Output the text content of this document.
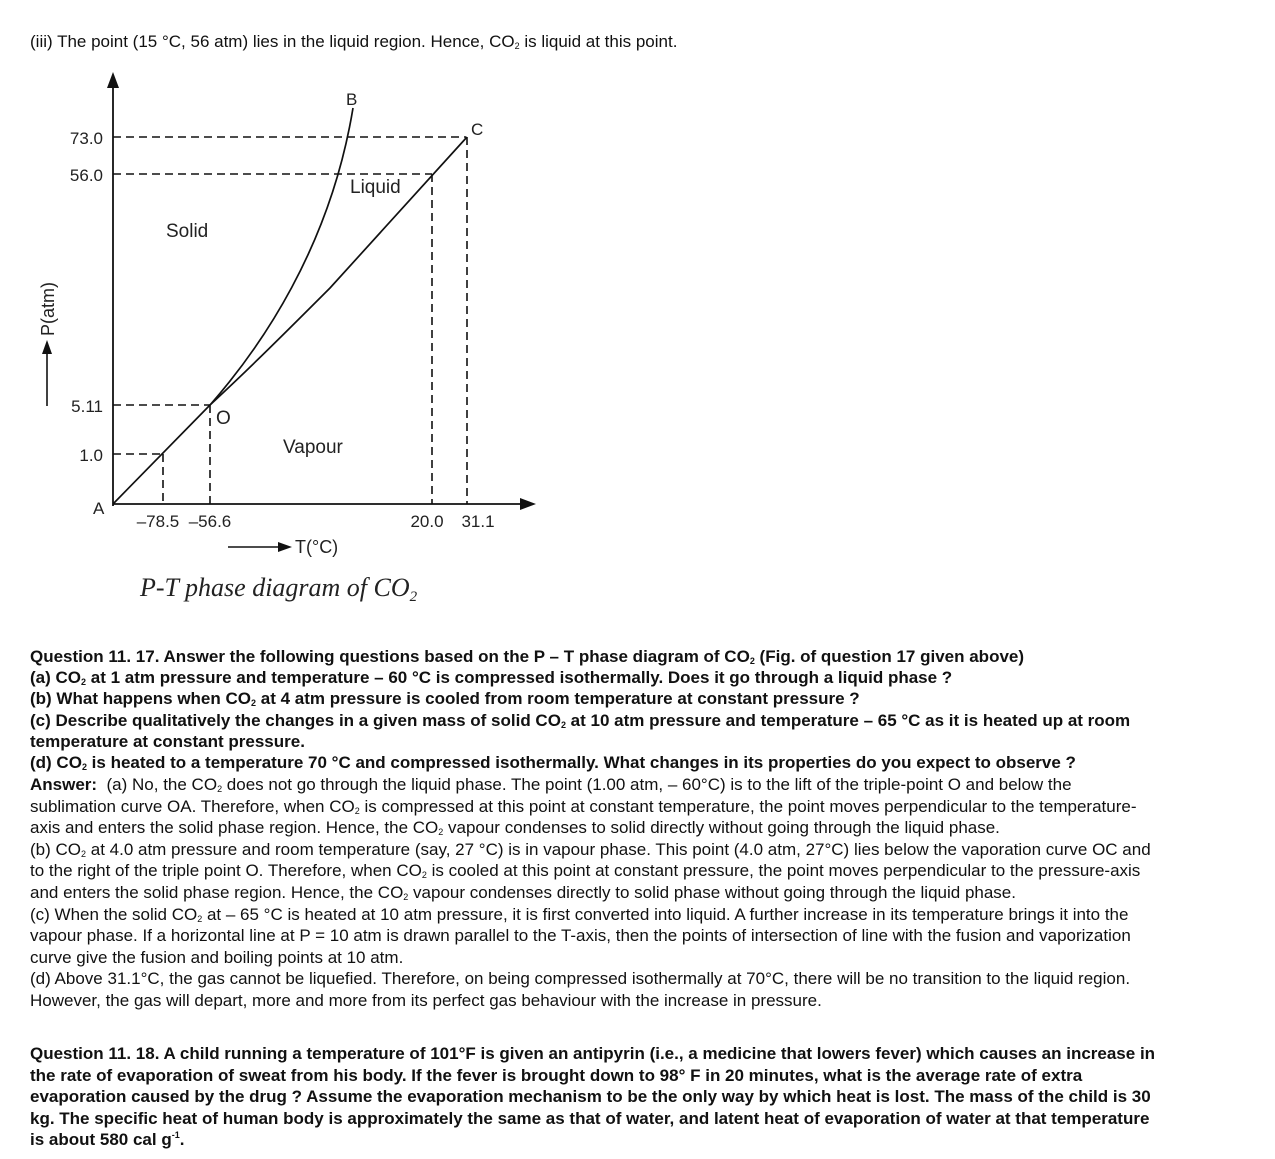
(iii) The point (15 °C, 56 atm) lies in the liquid region. Hence, $CO_2$ is liquid at this point.
73.0
56.0
5.11
1.0
–78.5 –56.6	20.0 31.1
A
B
C
O
Solid
Liquid
Vapour
T(°C)
P(atm)
P-T phase diagram of $CO_2$
Question 11. 17. Answer the following questions based on the P – T phase diagram of $CO_2$ (Fig. of question 17 given above)
(a) $CO_2$ at 1 atm pressure and temperature – 60 °C is compressed isothermally. Does it go through a liquid phase ?
(b) What happens when $CO_2$ at 4 atm pressure is cooled from room temperature at constant pressure ?
(c) Describe qualitatively the changes in a given mass of solid $CO_2$ at 10 atm pressure and temperature – 65 °C as it is heated up at room
temperature at constant pressure.
(d) $CO_2$ is heated to a temperature 70 °C and compressed isothermally. What changes in its properties do you expect to observe ?
Answer:  (a) No, the $CO_2$ does not go through the liquid phase. The point (1.00 atm, – 60°C) is to the lift of the triple-point O and below the
sublimation curve OA. Therefore, when $CO_2$ is compressed at this point at constant temperature, the point moves perpendicular to the temperature-
axis and enters the solid phase region. Hence, the $CO_2$ vapour condenses to solid directly without going through the liquid phase.
(b) $CO_2$ at 4.0 atm pressure and room temperature (say, 27 °C) is in vapour phase. This point (4.0 atm, 27°C) lies below the vaporation curve OC and
to the right of the triple point O. Therefore, when $CO_2$ is cooled at this point at constant pressure, the point moves perpendicular to the pressure-axis
and enters the solid phase region. Hence, the $CO_2$ vapour condenses directly to solid phase without going through the liquid phase.
(c) When the solid $CO_2$ at – 65 °C is heated at 10 atm pressure, it is first converted into liquid. A further increase in its temperature brings it into the
vapour phase. If a horizontal line at P = 10 atm is drawn parallel to the T-axis, then the points of intersection of line with the fusion and vaporization
curve give the fusion and boiling points at 10 atm.
(d) Above 31.1°C, the gas cannot be liquefied. Therefore, on being compressed isothermally at 70°C, there will be no transition to the liquid region.
However, the gas will depart, more and more from its perfect gas behaviour with the increase in pressure.
Question 11. 18. A child running a temperature of 101°F is given an antipyrin (i.e., a medicine that lowers fever) which causes an increase in
the rate of evaporation of sweat from his body. If the fever is brought down to 98° F in 20 minutes, what is the average rate of extra
evaporation caused by the drug ? Assume the evaporation mechanism to be the only way by which heat is lost. The mass of the child is 30
kg. The specific heat of human body is approximately the same as that of water, and latent heat of evaporation of water at that temperature
is about 580 cal $g^{-1}$.
